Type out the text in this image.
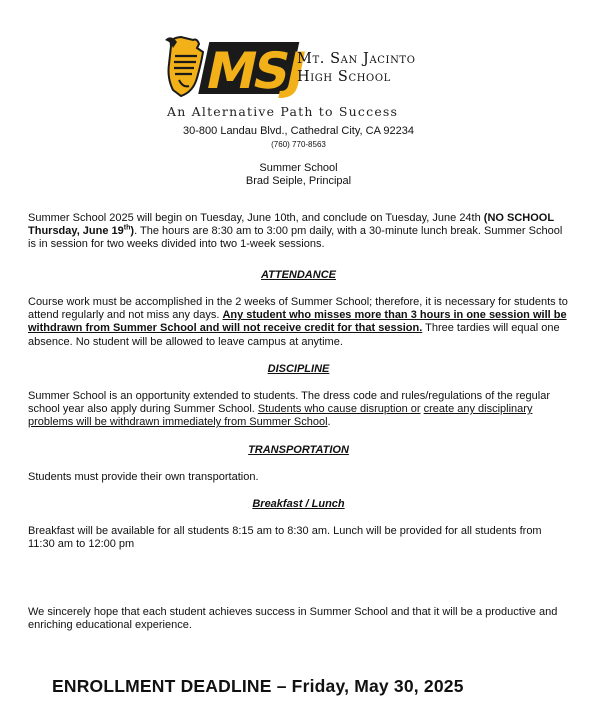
MSJ
Mt. San Jacinto
High School
An Alternative Path to Success
30-800 Landau Blvd., Cathedral City, CA 92234
(760) 770-8563
Summer School
Brad Seiple, Principal

Summer School 2025 will begin on Tuesday, June 10th, and conclude on Tuesday, June 24th (NO SCHOOL Thursday, June 19th). The hours are 8:30 am to 3:00 pm daily, with a 30-minute lunch break. Summer School is in session for two weeks divided into two 1-week sessions.

ATTENDANCE

Course work must be accomplished in the 2 weeks of Summer School; therefore, it is necessary for students to attend regularly and not miss any days. Any student who misses more than 3 hours in one session will be withdrawn from Summer School and will not receive credit for that session. Three tardies will equal one absence. No student will be allowed to leave campus at anytime.

DISCIPLINE

Summer School is an opportunity extended to students. The dress code and rules/regulations of the regular school year also apply during Summer School. Students who cause disruption or create any disciplinary problems will be withdrawn immediately from Summer School.

TRANSPORTATION

Students must provide their own transportation.

Breakfast / Lunch

Breakfast will be available for all students 8:15 am to 8:30 am. Lunch will be provided for all students from 11:30 am to 12:00 pm

We sincerely hope that each student achieves success in Summer School and that it will be a productive and enriching educational experience.

ENROLLMENT DEADLINE – Friday, May 30, 2025
